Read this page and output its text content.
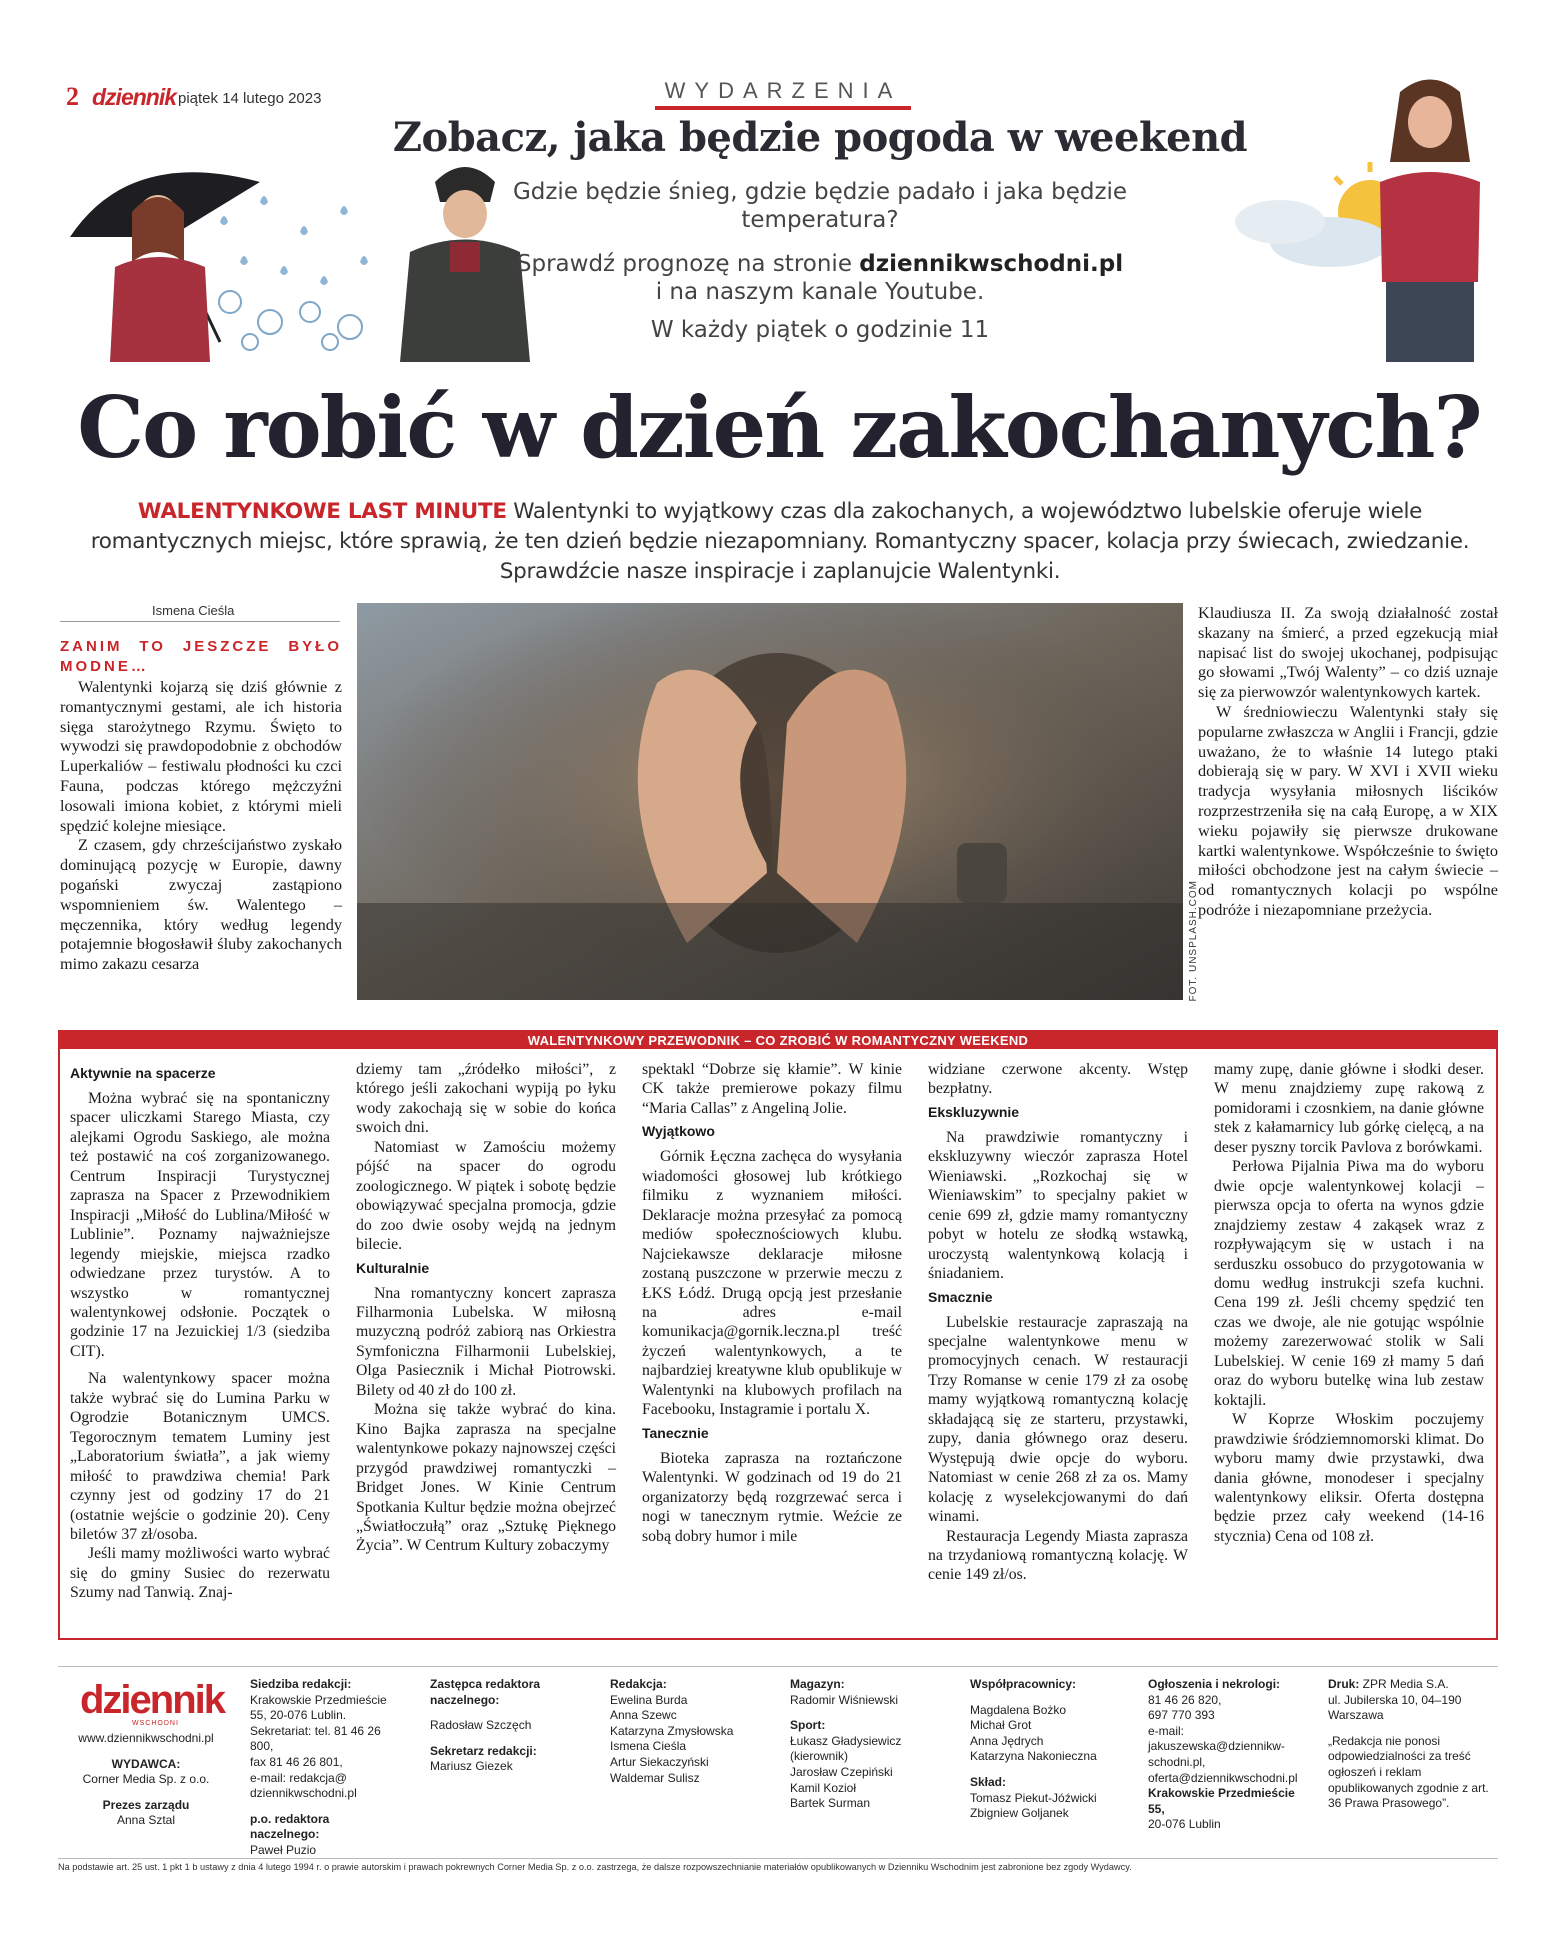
2 dziennik piątek 14 lutego 2023	WYDARZENIA
Zobacz, jaka będzie pogoda w weekend
Gdzie będzie śnieg, gdzie będzie padało i jaka będzie temperatura?
Sprawdź prognozę na stronie dziennikwschodni.pl
i na naszym kanale Youtube.
W każdy piątek o godzinie 11
Co robić w dzień zakochanych?
WALENTYNKOWE LAST MINUTE Walentynki to wyjątkowy czas dla zakochanych, a województwo lubelskie oferuje wiele romantycznych miejsc, które sprawią, że ten dzień będzie niezapomniany. Romantyczny spacer, kolacja przy świecach, zwiedzanie. Sprawdźcie nasze inspiracje i zaplanujcie Walentynki.
Ismena Cieśla
ZANIM TO JESZCZE BYŁO MODNE…

Walentynki kojarzą się dziś głównie z romantycznymi gestami, ale ich historia sięga starożytnego Rzymu. Święto to wywodzi się prawdopodobnie z obchodów Luperkaliów – festiwalu płodności ku czci Fauna, podczas którego mężczyźni losowali imiona kobiet, z którymi mieli spędzić kolejne miesiące.

Z czasem, gdy chrześcijaństwo zyskało dominującą pozycję w Europie, dawny pogański zwyczaj zastąpiono wspomnieniem św. Walentego – męczennika, który według legendy potajemnie błogosławił śluby zakochanych mimo zakazu cesarza	FOT. UNSPLASH.COM

Klaudiusza II. Za swoją działalność został skazany na śmierć, a przed egzekucją miał napisać list do swojej ukochanej, podpisując go słowami „Twój Walenty” – co dziś uznaje się za pierwowzór walentynkowych kartek.

W średniowieczu Walentynki stały się popularne zwłaszcza w Anglii i Francji, gdzie uważano, że to właśnie 14 lutego ptaki dobierają się w pary. W XVI i XVII wieku tradycja wysyłania miłosnych liścików rozprzestrzeniła się na całą Europę, a w XIX wieku pojawiły się pierwsze drukowane kartki walentynkowe. Współcześnie to święto miłości obchodzone jest na całym świecie – od romantycznych kolacji po wspólne podróże i niezapomniane przeżycia.

WALENTYNKOWY PRZEWODNIK – CO ZROBIĆ W ROMANTYCZNY WEEKEND
Aktywnie na spacerze

Można wybrać się na spontaniczny spacer uliczkami Starego Miasta, czy alejkami Ogrodu Saskiego, ale można też postawić na coś zorganizowanego. Centrum Inspiracji Turystycznej zaprasza na Spacer z Przewodnikiem Inspiracji „Miłość do Lublina/Miłość w Lublinie”. Poznamy najważniejsze legendy miejskie, miejsca rzadko odwiedzane przez turystów. A to wszystko w romantycznej walentynkowej odsłonie. Początek o godzinie 17 na Jezuickiej 1/3 (siedziba CIT).

Na walentynkowy spacer można także wybrać się do Lumina Parku w Ogrodzie Botanicznym UMCS. Tegorocznym tematem Luminy jest „Laboratorium światła”, a jak wiemy miłość to prawdziwa chemia! Park czynny jest od godziny 17 do 21 (ostatnie wejście o godzinie 20). Ceny biletów 37 zł/osoba.

Jeśli mamy możliwości warto wybrać się do gminy Susiec do rezerwatu Szumy nad Tanwią. Znaj-

dziemy tam „źródełko miłości”, z którego jeśli zakochani wypiją po łyku wody zakochają się w sobie do końca swoich dni.

Natomiast w Zamościu możemy pójść na spacer do ogrodu zoologicznego. W piątek i sobotę będzie obowiązywać specjalna promocja, gdzie do zoo dwie osoby wejdą na jednym bilecie.

Kulturalnie

Nna romantyczny koncert zaprasza Filharmonia Lubelska. W miłosną muzyczną podróż zabiorą nas Orkiestra Symfoniczna Filharmonii Lubelskiej, Olga Pasiecznik i Michał Piotrowski. Bilety od 40 zł do 100 zł.

Można się także wybrać do kina. Kino Bajka zaprasza na specjalne walentynkowe pokazy najnowszej części przygód prawdziwej romantyczki – Bridget Jones. W Kinie Centrum Spotkania Kultur będzie można obejrzeć „Światłoczułą” oraz „Sztukę Pięknego Życia”. W Centrum Kultury zobaczymy

spektakl “Dobrze się kłamie”. W kinie CK także premierowe pokazy filmu “Maria Callas” z Angeliną Jolie.

Wyjątkowo

Górnik Łęczna zachęca do wysyłania wiadomości głosowej lub krótkiego filmiku z wyznaniem miłości. Deklaracje można przesyłać za pomocą mediów społecznościowych klubu. Najciekawsze deklaracje miłosne zostaną puszczone w przerwie meczu z ŁKS Łódź. Drugą opcją jest przesłanie na adres e-mail komunikacja@gornik.leczna.pl treść życzeń walentynkowych, a te najbardziej kreatywne klub opublikuje w Walentynki na klubowych profilach na Facebooku, Instagramie i portalu X.

Tanecznie

Bioteka zaprasza na roztańczone Walentynki. W godzinach od 19 do 21 organizatorzy będą rozgrzewać serca i nogi w tanecznym rytmie. Weźcie ze sobą dobry humor i mile

widziane czerwone akcenty. Wstęp bezpłatny.

Ekskluzywnie

Na prawdziwie romantyczny i ekskluzywny wieczór zaprasza Hotel Wieniawski. „Rozkochaj się w Wieniawskim” to specjalny pakiet w cenie 699 zł, gdzie mamy romantyczny pobyt w hotelu ze słodką wstawką, uroczystą walentynkową kolacją i śniadaniem.

Smacznie

Lubelskie restauracje zapraszają na specjalne walentynkowe menu w promocyjnych cenach. W restauracji Trzy Romanse w cenie 179 zł za osobę mamy wyjątkową romantyczną kolację składającą się ze starteru, przystawki, zupy, dania głównego oraz deseru. Występują dwie opcje do wyboru. Natomiast w cenie 268 zł za os. Mamy kolację z wyselekcjowanymi do dań winami.

Restauracja Legendy Miasta zaprasza na trzydaniową romantyczną kolację. W cenie 149 zł/os.

mamy zupę, danie główne i słodki deser. W menu znajdziemy zupę rakową z pomidorami i czosnkiem, na danie główne stek z kałamarnicy lub górkę cielęcą, a na deser pyszny torcik Pavlova z borówkami.

Perłowa Pijalnia Piwa ma do wyboru dwie opcje walentynkowej kolacji – pierwsza opcja to oferta na wynos gdzie znajdziemy zestaw 4 zakąsek wraz z rozpływającym się w ustach i na serduszku ossobuco do przygotowania w domu według instrukcji szefa kuchni. Cena 199 zł. Jeśli chcemy spędzić ten czas we dwoje, ale nie gotując wspólnie możemy zarezerwować stolik w Sali Lubelskiej. W cenie 169 zł mamy 5 dań oraz do wyboru butelkę wina lub zestaw koktajli.

W Koprze Włoskim poczujemy prawdziwie śródziemnomorski klimat. Do wyboru mamy dwie przystawki, dwa dania główne, monodeser i specjalny walentynkowy eliksir. Oferta dostępna będzie przez cały weekend (14-16 stycznia) Cena od 108 zł.

dziennik
WSCHODNI
www.dziennikwschodni.pl
WYDAWCA:
Corner Media Sp. z o.o.
Prezes zarządu
Anna Sztal
Siedziba redakcji: Krakowskie Przedmieście 55, 20-076 Lublin.
Sekretariat: tel. 81 46 26 800,
fax 81 46 26 801,
e-mail: redakcja@ dziennikwschodni.pl
p.o. redaktora naczelnego:
Paweł Puzio
Zastępca redaktora naczelnego:
Radosław Szczęch
Sekretarz redakcji:
Mariusz Giezek
Redakcja:
Ewelina Burda
Anna Szewc
Katarzyna Zmysłowska
Ismena Cieśla
Artur Siekaczyński
Waldemar Sulisz
Magazyn:
Radomir Wiśniewski
Sport:
Łukasz Gładysiewicz
(kierownik)
Jarosław Czepiński
Kamil Kozioł
Bartek Surman
Współpracownicy:
Magdalena Bożko
Michał Grot
Anna Jędrych
Katarzyna Nakonieczna
Skład:
Tomasz Piekut-Jóźwicki
Zbigniew Goljanek
Ogłoszenia i nekrologi:
81 46 26 820,
697 770 393
e-mail:
jakuszewska@dziennikw-
schodni.pl,
oferta@dziennikwschodni.pl
Krakowskie Przedmieście 55,
20-076 Lublin
Druk: ZPR Media S.A.
ul. Jubilerska 10, 04–190
Warszawa
„Redakcja nie ponosi odpowiedzialności za treść ogłoszeń i reklam opublikowanych zgodnie z art. 36 Prawa Prasowego”.
Na podstawie art. 25 ust. 1 pkt 1 b ustawy z dnia 4 lutego 1994 r. o prawie autorskim i prawach pokrewnych Corner Media Sp. z o.o. zastrzega, że dalsze rozpowszechnianie materiałów opublikowanych w Dzienniku Wschodnim jest zabronione bez zgody Wydawcy.
